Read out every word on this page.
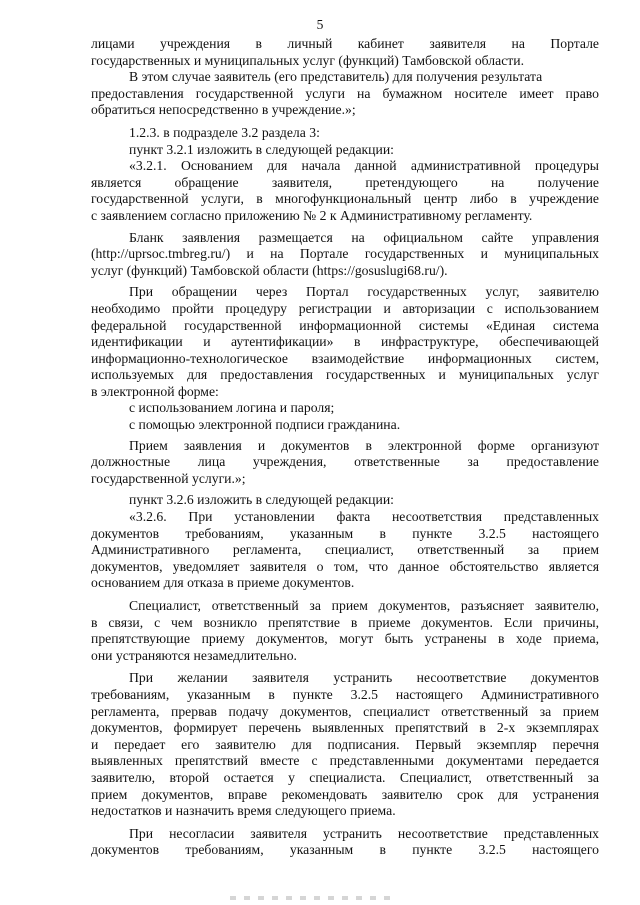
5
лицами учреждения в личный кабинет заявителя на Портале
государственных и муниципальных услуг (функций) Тамбовской области.
В этом случае заявитель (его представитель) для получения результата
предоставления государственной услуги на бумажном носителе имеет право
обратиться непосредственно в учреждение.»;
1.2.3. в подразделе 3.2 раздела 3:
пункт 3.2.1 изложить в следующей редакции:
«3.2.1. Основанием для начала данной административной процедуры
является обращение заявителя, претендующего на получение
государственной услуги, в многофункциональный центр либо в учреждение
с заявлением согласно приложению № 2 к Административному регламенту.
Бланк заявления размещается на официальном сайте управления
(http://uprsoc.tmbreg.ru/) и на Портале государственных и муниципальных
услуг (функций) Тамбовской области (https://gosuslugi68.ru/).
При обращении через Портал государственных услуг, заявителю
необходимо пройти процедуру регистрации и авторизации с использованием
федеральной государственной информационной системы «Единая система
идентификации и аутентификации» в инфраструктуре, обеспечивающей
информационно-технологическое взаимодействие информационных систем,
используемых для предоставления государственных и муниципальных услуг
в электронной форме:
с использованием логина и пароля;
с помощью электронной подписи гражданина.
Прием заявления и документов в электронной форме организуют
должностные лица учреждения, ответственные за предоставление
государственной услуги.»;
пункт 3.2.6 изложить в следующей редакции:
«3.2.6. При установлении факта несоответствия представленных
документов требованиям, указанным в пункте 3.2.5 настоящего
Административного регламента, специалист, ответственный за прием
документов, уведомляет заявителя о том, что данное обстоятельство является
основанием для отказа в приеме документов.
Специалист, ответственный за прием документов, разъясняет заявителю,
в связи, с чем возникло препятствие в приеме документов. Если причины,
препятствующие приему документов, могут быть устранены в ходе приема,
они устраняются незамедлительно.
При желании заявителя устранить несоответствие документов
требованиям, указанным в пункте 3.2.5 настоящего Административного
регламента, прервав подачу документов, специалист ответственный за прием
документов, формирует перечень выявленных препятствий в 2-х экземплярах
и передает его заявителю для подписания. Первый экземпляр перечня
выявленных препятствий вместе с представленными документами передается
заявителю, второй остается у специалиста. Специалист, ответственный за
прием документов, вправе рекомендовать заявителю срок для устранения
недостатков и назначить время следующего приема.
При несогласии заявителя устранить несоответствие представленных
документов требованиям, указанным в пункте 3.2.5 настоящего
